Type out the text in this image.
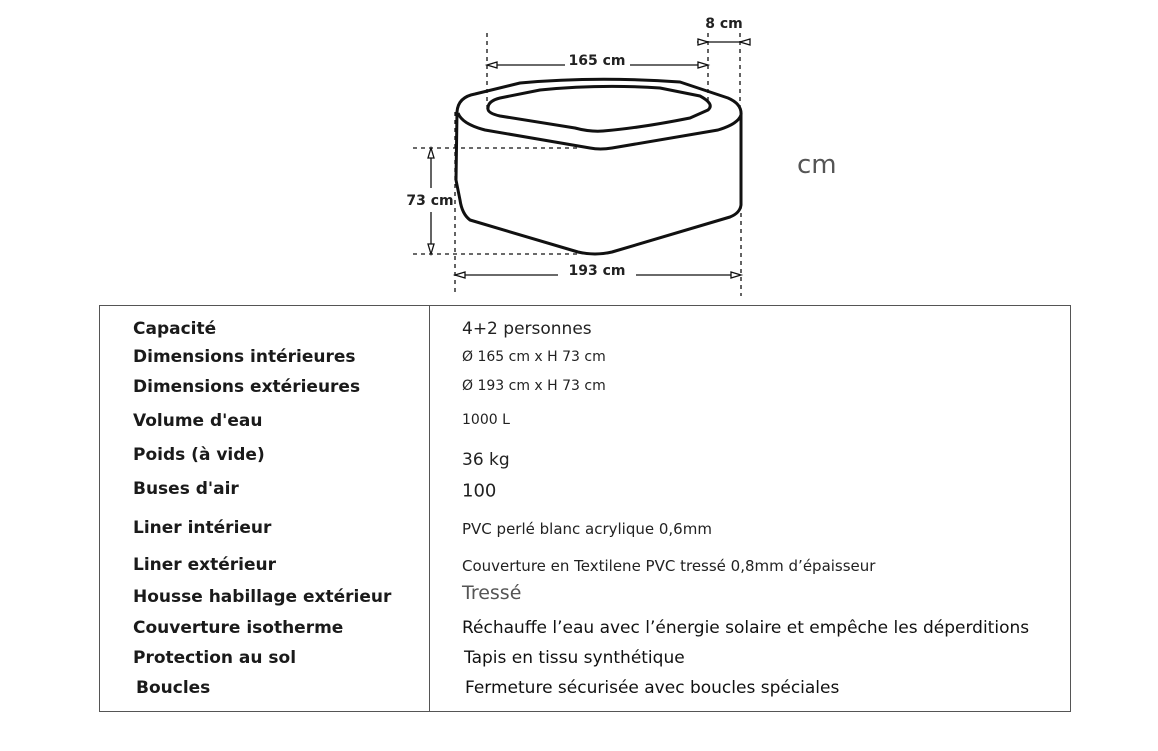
165 cm
8 cm
73 cm
193 cm
cm
Capacité	4+2 personnes
Dimensions intérieures	Ø 165 cm x H 73 cm
Dimensions extérieures	Ø 193 cm x H 73 cm
Volume d'eau	1000 L
Poids (à vide)	36 kg
Buses d'air	100
Liner intérieur	PVC perlé blanc acrylique 0,6mm
Liner extérieur	Couverture en Textilene PVC tressé 0,8mm d’épaisseur
Housse habillage extérieur	Tressé
Couverture isotherme	Réchauffe l’eau avec l’énergie solaire et empêche les déperditions
Protection au sol	Tapis en tissu synthétique
Boucles	Fermeture sécurisée avec boucles spéciales
